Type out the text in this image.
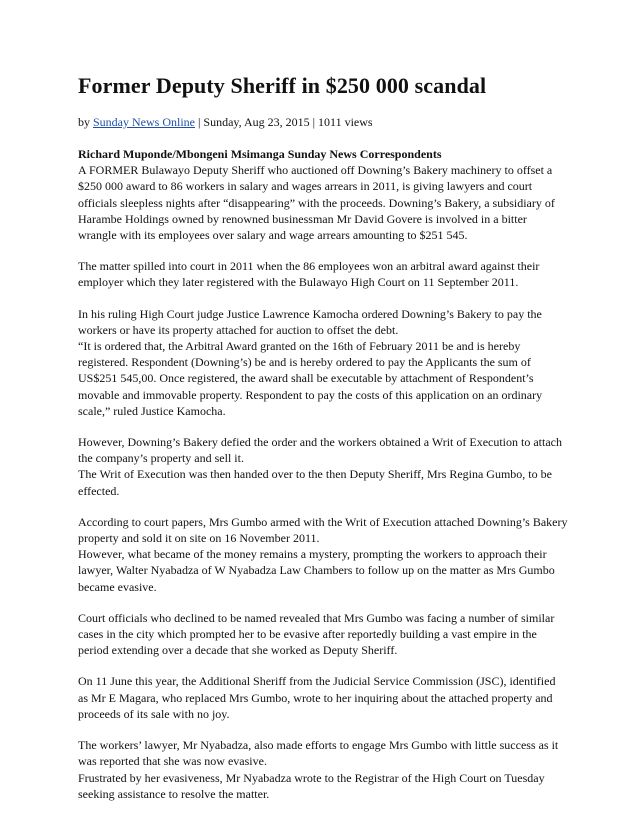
Former Deputy Sheriff in $250 000 scandal
by Sunday News Online | Sunday, Aug 23, 2015 | 1011 views
Richard Muponde/Mbongeni Msimanga Sunday News Correspondents

A FORMER Bulawayo Deputy Sheriff who auctioned off Downing’s Bakery machinery to offset a $250 000 award to 86 workers in salary and wages arrears in 2011, is giving lawyers and court officials sleepless nights after “disappearing” with the proceeds. Downing’s Bakery, a subsidiary of Harambe Holdings owned by renowned businessman Mr David Govere is involved in a bitter wrangle with its employees over salary and wage arrears amounting to $251 545.

The matter spilled into court in 2011 when the 86 employees won an arbitral award against their employer which they later registered with the Bulawayo High Court on 11 September 2011.

In his ruling High Court judge Justice Lawrence Kamocha ordered Downing’s Bakery to pay the workers or have its property attached for auction to offset the debt.

“It is ordered that, the Arbitral Award granted on the 16th of February 2011 be and is hereby registered. Respondent (Downing’s) be and is hereby ordered to pay the Applicants the sum of US$251 545,00. Once registered, the award shall be executable by attachment of Respondent’s movable and immovable property. Respondent to pay the costs of this application on an ordinary scale,” ruled Justice Kamocha.

However, Downing’s Bakery defied the order and the workers obtained a Writ of Execution to attach the company’s property and sell it.

The Writ of Execution was then handed over to the then Deputy Sheriff, Mrs Regina Gumbo, to be effected.

According to court papers, Mrs Gumbo armed with the Writ of Execution attached Downing’s Bakery property and sold it on site on 16 November 2011.

However, what became of the money remains a mystery, prompting the workers to approach their lawyer, Walter Nyabadza of W Nyabadza Law Chambers to follow up on the matter as Mrs Gumbo became evasive.

Court officials who declined to be named revealed that Mrs Gumbo was facing a number of similar cases in the city which prompted her to be evasive after reportedly building a vast empire in the period extending over a decade that she worked as Deputy Sheriff.

On 11 June this year, the Additional Sheriff from the Judicial Service Commission (JSC), identified as Mr E Magara, who replaced Mrs Gumbo, wrote to her inquiring about the attached property and proceeds of its sale with no joy.

The workers’ lawyer, Mr Nyabadza, also made efforts to engage Mrs Gumbo with little success as it was reported that she was now evasive.

Frustrated by her evasiveness, Mr Nyabadza wrote to the Registrar of the High Court on Tuesday seeking assistance to resolve the matter.
